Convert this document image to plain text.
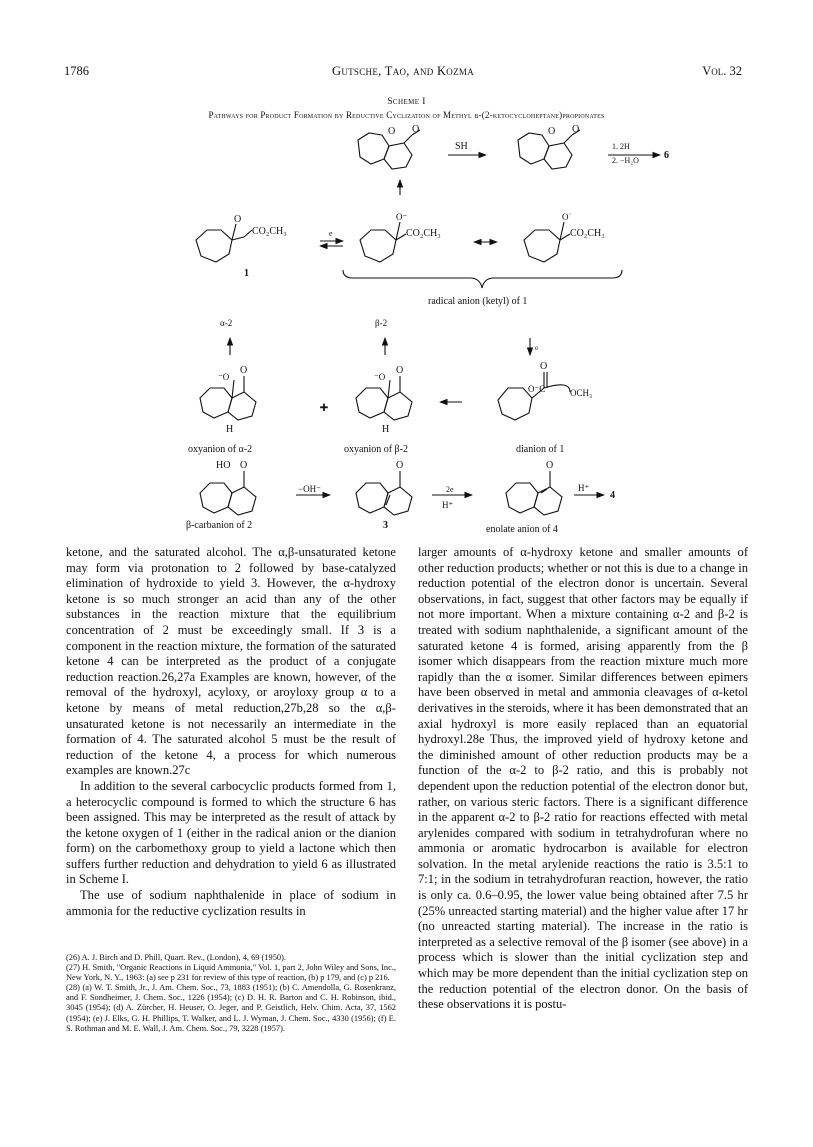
1786	Gutsche, Tao, and Kozma	Vol. 32
Scheme I
Pathways for Product Formation by Reductive Cyclization of Methyl β-(2-ketocycloheptane)propionates
+
O O	O O
SH	1. 2H
2. −H₂O	6
O
CO₂CH₃	e
O⁻
CO₂CH₃
O˙
CO₂CH₃
1
radical anion (ketyl) of 1
α-2	β-2
e
⁻O
O
H
⁻O
O
H
O
O⁻C	OCH₃
oxyanion of α-2	oxyanion of β-2	dianion of 1
HO O
−OH⁻
O
2e
H⁺
O
H⁺
4
β-carbanion of 2	3	enolate anion of 4

ketone, and the saturated alcohol. The α,β-unsaturated ketone may form via protonation to 2 followed by base-catalyzed elimination of hydroxide to yield 3. However, the α-hydroxy ketone is so much stronger an acid than any of the other substances in the reaction mixture that the equilibrium concentration of 2 must be exceedingly small. If 3 is a component in the reaction mixture, the formation of the saturated ketone 4 can be interpreted as the product of a conjugate reduction reaction.26,27a Examples are known, however, of the removal of the hydroxyl, acyloxy, or aroyloxy group α to a ketone by means of metal reduction,27b,28 so the α,β-unsaturated ketone is not necessarily an intermediate in the formation of 4. The saturated alcohol 5 must be the result of reduction of the ketone 4, a process for which numerous examples are known.27c

In addition to the several carbocyclic products formed from 1, a heterocyclic compound is formed to which the structure 6 has been assigned. This may be interpreted as the result of attack by the ketone oxygen of 1 (either in the radical anion or the dianion form) on the carbomethoxy group to yield a lactone which then suffers further reduction and dehydration to yield 6 as illustrated in Scheme I.

The use of sodium naphthalenide in place of sodium in ammonia for the reductive cyclization results in

(26) A. J. Birch and D. Phill, Quart. Rev., (London), 4, 69 (1950).
(27) H. Smith, "Organic Reactions in Liquid Ammonia," Vol. 1, part 2, John Wiley and Sons, Inc., New York, N. Y., 1963: (a) see p 231 for review of this type of reaction, (b) p 179, and (c) p 216.
(28) (a) W. T. Smith, Jr., J. Am. Chem. Soc., 73, 1883 (1951); (b) C. Amendolla, G. Rosenkranz, and F. Sondheimer, J. Chem. Soc., 1226 (1954); (c) D. H. R. Barton and C. H. Robinson, ibid., 3045 (1954); (d) A. Zürcher, H. Heuser, O. Jeger, and P. Geistlich, Helv. Chim. Acta, 37, 1562 (1954); (e) J. Elks, G. H. Phillips, T. Walker, and L. J. Wyman, J. Chem. Soc., 4330 (1956); (f) E. S. Rothman and M. E. Wall, J. Am. Chem. Soc., 79, 3228 (1957).

larger amounts of α-hydroxy ketone and smaller amounts of other reduction products; whether or not this is due to a change in reduction potential of the electron donor is uncertain. Several observations, in fact, suggest that other factors may be equally if not more important. When a mixture containing α-2 and β-2 is treated with sodium naphthalenide, a significant amount of the saturated ketone 4 is formed, arising apparently from the β isomer which disappears from the reaction mixture much more rapidly than the α isomer. Similar differences between epimers have been observed in metal and ammonia cleavages of α-ketol derivatives in the steroids, where it has been demonstrated that an axial hydroxyl is more easily replaced than an equatorial hydroxyl.28e Thus, the improved yield of hydroxy ketone and the diminished amount of other reduction products may be a function of the α-2 to β-2 ratio, and this is probably not dependent upon the reduction potential of the electron donor but, rather, on various steric factors. There is a significant difference in the apparent α-2 to β-2 ratio for reactions effected with metal arylenides compared with sodium in tetrahydrofuran where no ammonia or aromatic hydrocarbon is available for electron solvation. In the metal arylenide reactions the ratio is 3.5:1 to 7:1; in the sodium in tetrahydrofuran reaction, however, the ratio is only ca. 0.6–0.95, the lower value being obtained after 7.5 hr (25% unreacted starting material) and the higher value after 17 hr (no unreacted starting material). The increase in the ratio is interpreted as a selective removal of the β isomer (see above) in a process which is slower than the initial cyclization step and which may be more dependent than the initial cyclization step on the reduction potential of the electron donor. On the basis of these observations it is postu-
